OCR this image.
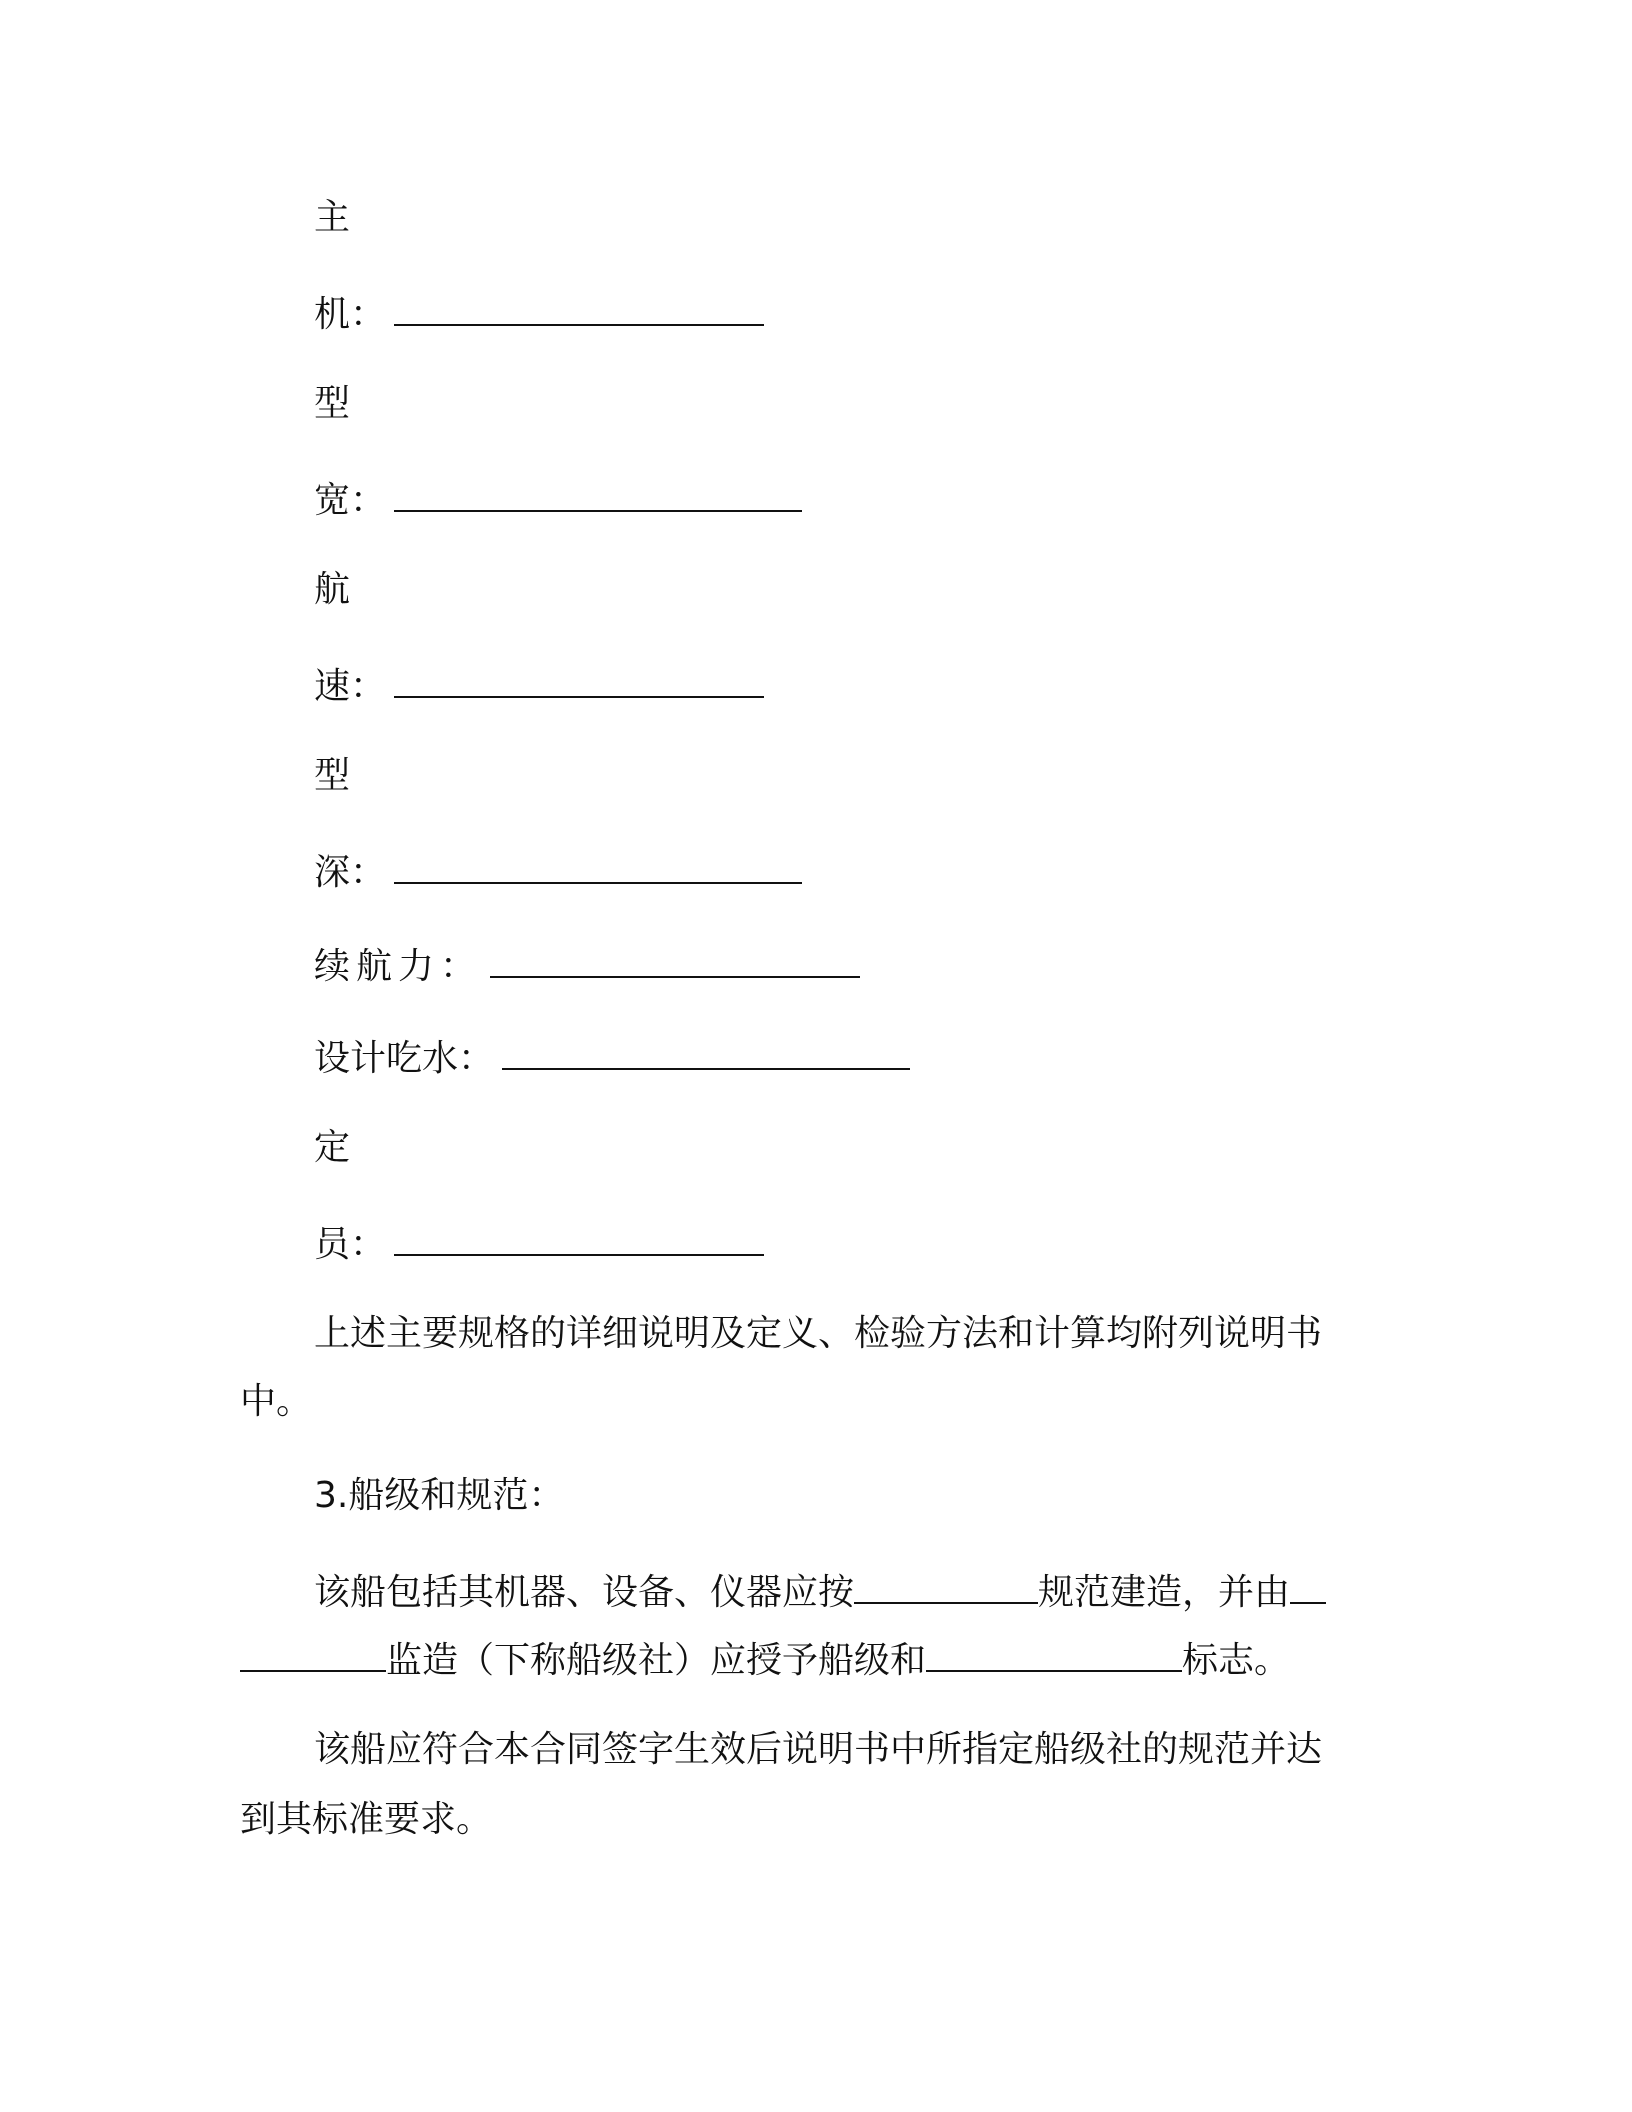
主
机：
型
宽：
航
速：
型
深：
续航力：
设计吃水：
定
员：
上述主要规格的详细说明及定义、检验方法和计算均附列说明书
中。
3.船级和规范：
该船包括其机器、设备、仪器应按	规范建造，并由
监造（下称船级社）应授予船级和	标志。
该船应符合本合同签字生效后说明书中所指定船级社的规范并达
到其标准要求。
